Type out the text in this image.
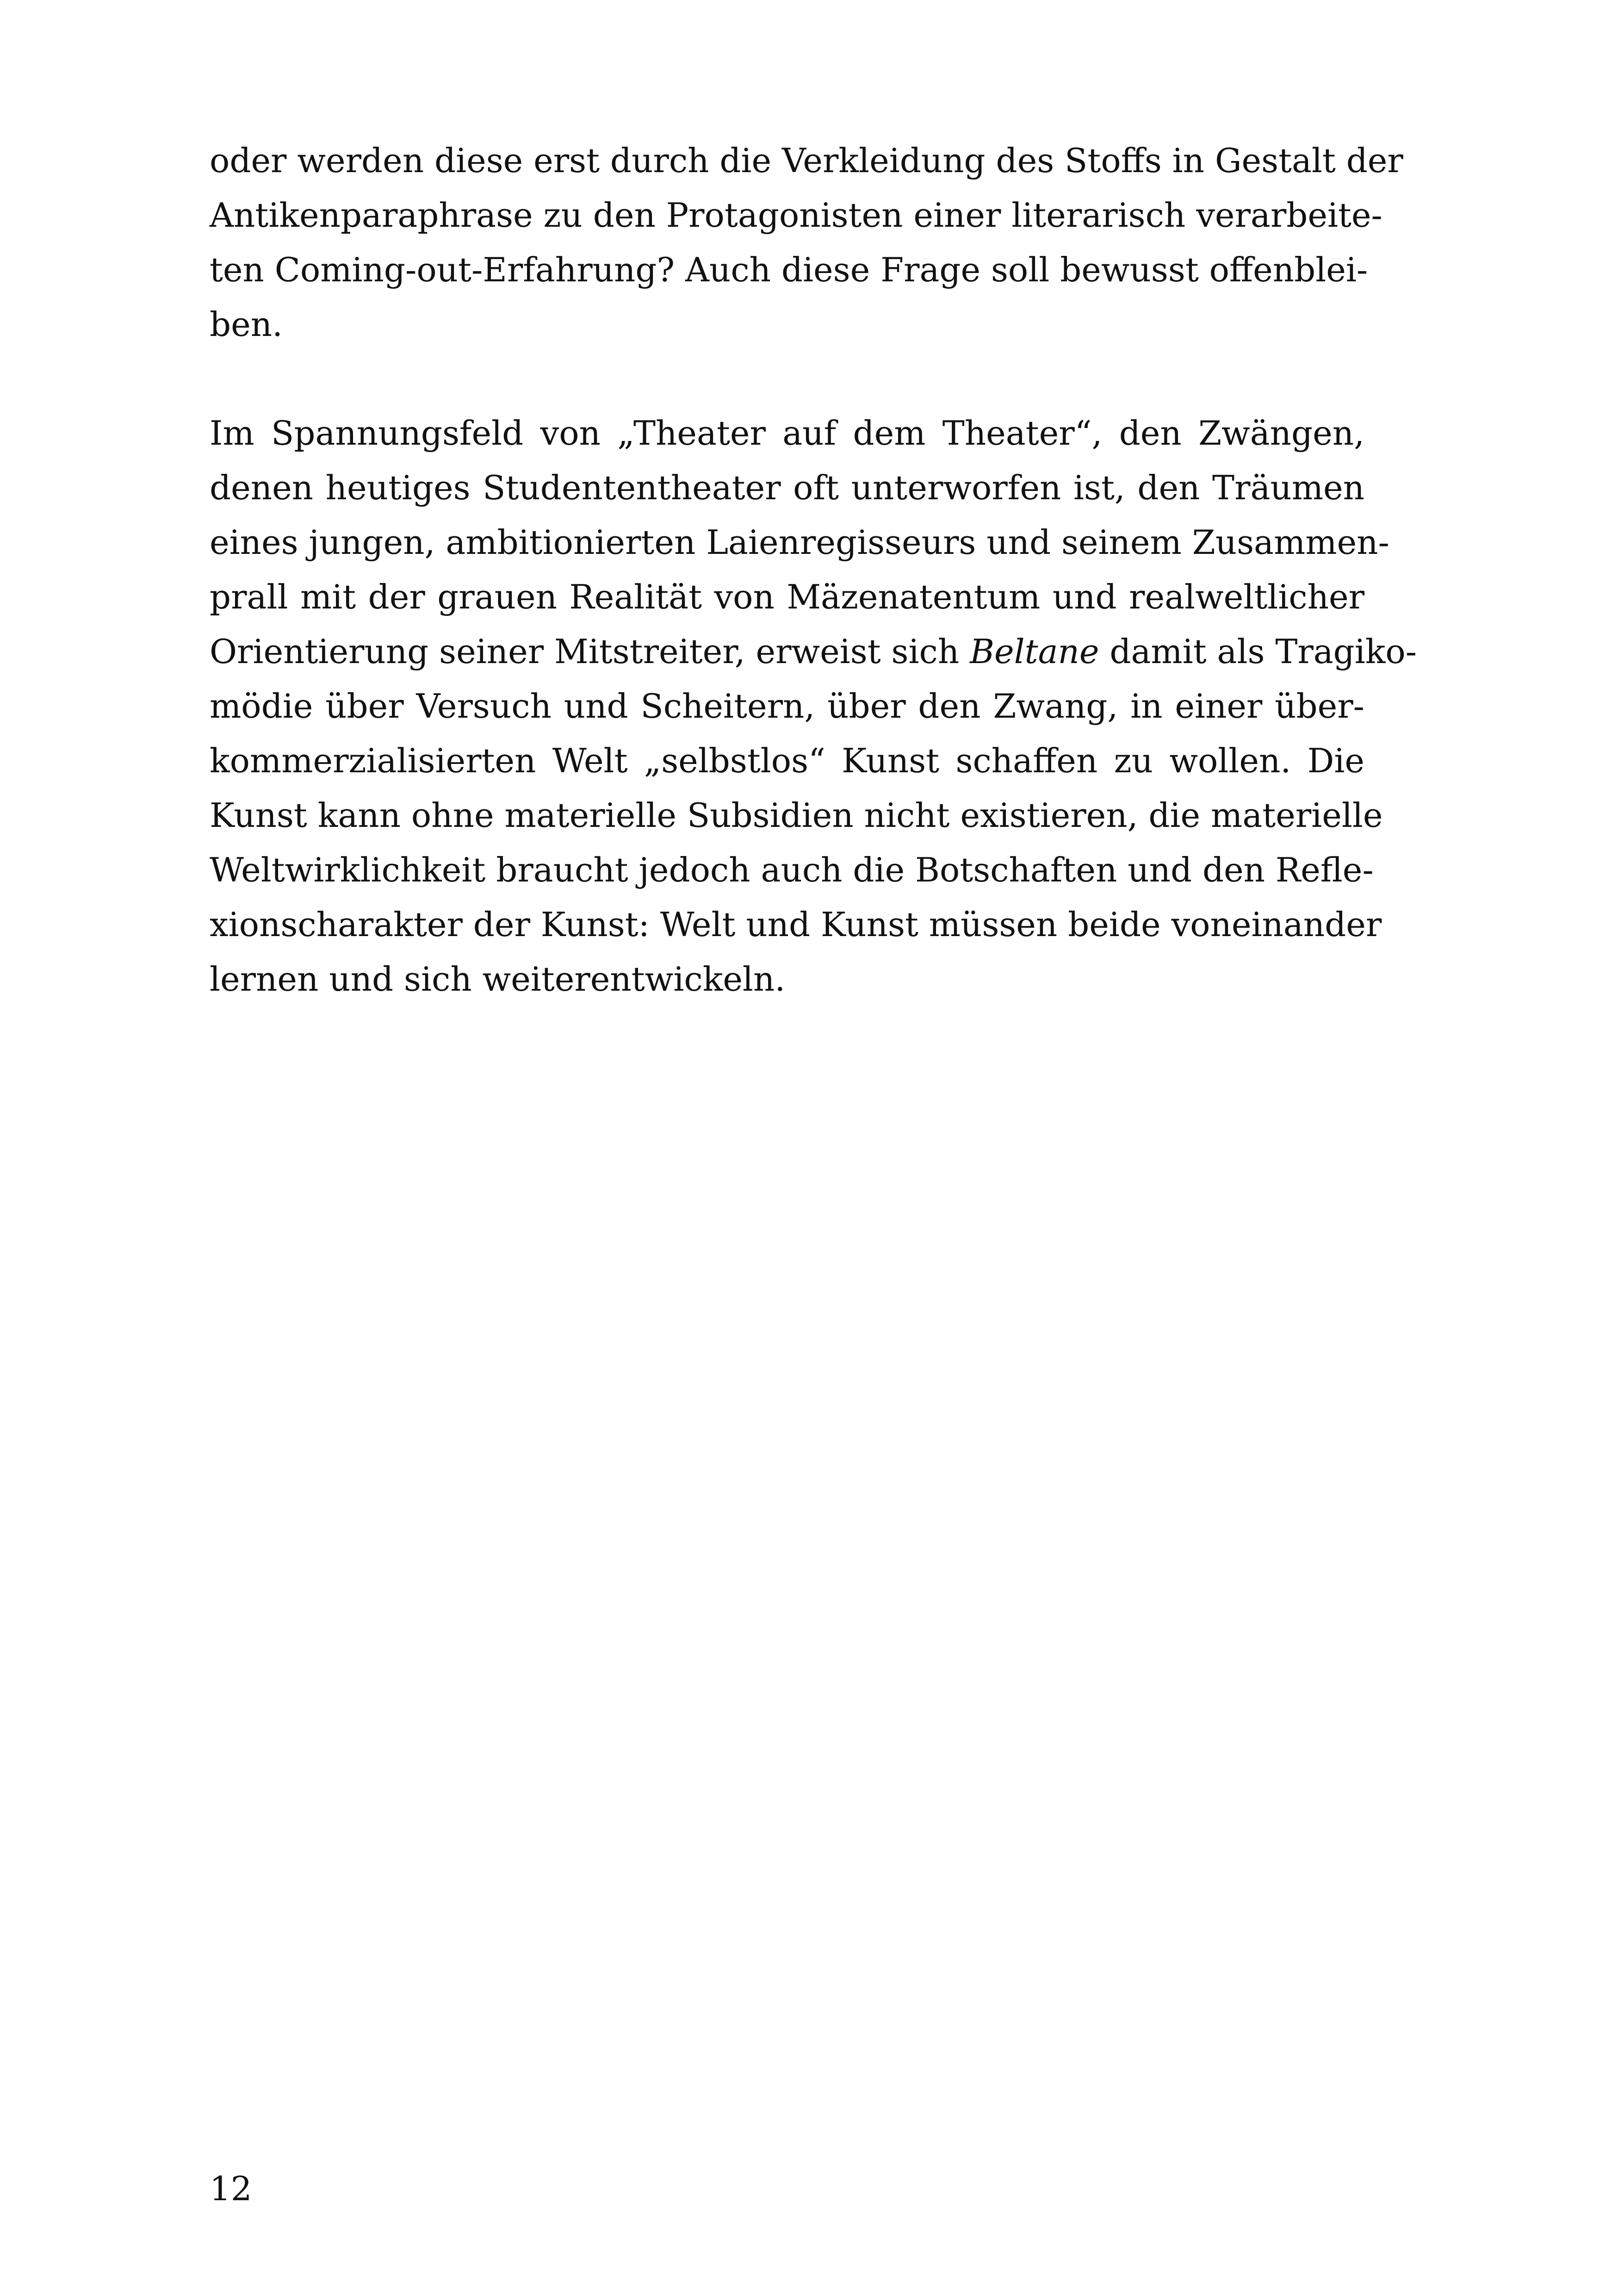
oder werden diese erst durch die Verkleidung des Stoffs in Gestalt der
Antikenparaphrase zu den Protagonisten einer literarisch verarbeite-
ten Coming-out-Erfahrung? Auch diese Frage soll bewusst offenblei-
ben.
Im Spannungsfeld von „Theater auf dem Theater“, den Zwängen,
denen heutiges Studententheater oft unterworfen ist, den Träumen
eines jungen, ambitionierten Laienregisseurs und seinem Zusammen-
prall mit der grauen Realität von Mäzenatentum und realweltlicher
Orientierung seiner Mitstreiter, erweist sich Beltane damit als Tragiko-
mödie über Versuch und Scheitern, über den Zwang, in einer über-
kommerzialisierten Welt „selbstlos“ Kunst schaffen zu wollen. Die
Kunst kann ohne materielle Subsidien nicht existieren, die materielle
Weltwirklichkeit braucht jedoch auch die Botschaften und den Refle-
xionscharakter der Kunst: Welt und Kunst müssen beide voneinander
lernen und sich weiterentwickeln.
12
